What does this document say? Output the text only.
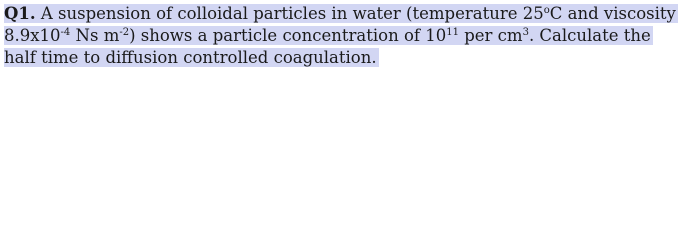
Q1. A suspension of colloidal particles in water (temperature 25$^o$C and viscosity
$8.9x10^{-4}$ Ns $m^{-2}$) shows a particle concentration of $10^{11}$ per $cm^3$. Calculate the
half time to diffusion controlled coagulation.
